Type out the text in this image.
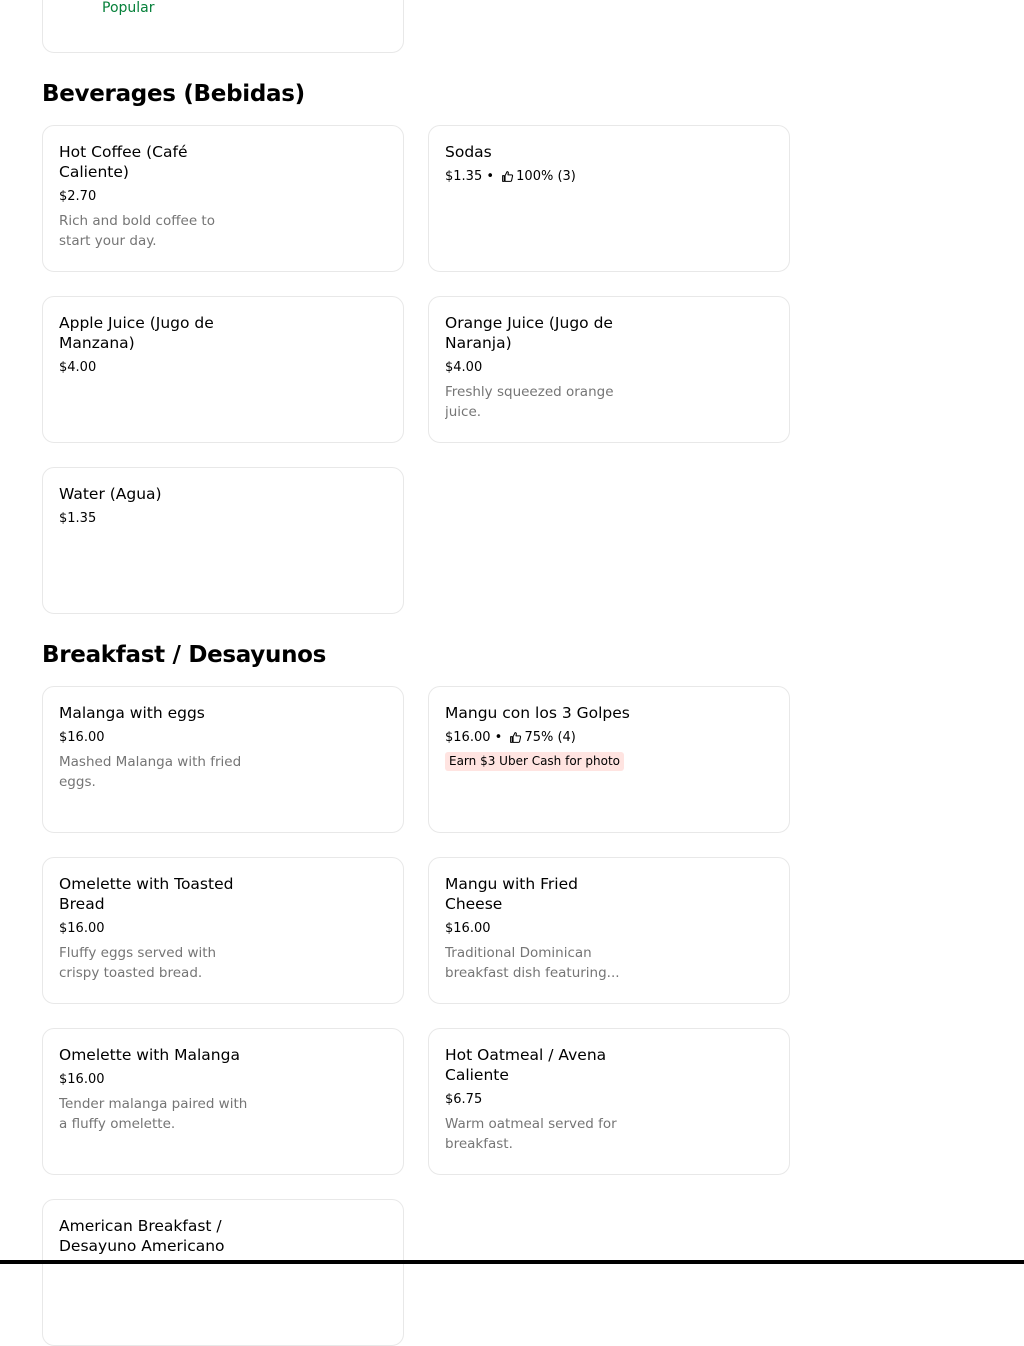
Popular
Beverages (Bebidas)
Hot Coffee (Café Caliente)
$2.70
Rich and bold coffee to start your day.
Sodas
$1.35 • 100% (3)
Apple Juice (Jugo de Manzana)
$4.00
Orange Juice (Jugo de Naranja)
$4.00
Freshly squeezed orange juice.
Water (Agua)
$1.35
Breakfast / Desayunos
Malanga with eggs
$16.00
Mashed Malanga with fried eggs.
Mangu con los 3 Golpes
$16.00 • 75% (4)
Earn $3 Uber Cash for photo
Omelette with Toasted Bread
$16.00
Fluffy eggs served with crispy toasted bread.
Mangu with Fried Cheese
$16.00
Traditional Dominican breakfast dish featuring...
Omelette with Malanga
$16.00
Tender malanga paired with a fluffy omelette.
Hot Oatmeal / Avena Caliente
$6.75
Warm oatmeal served for breakfast.
American Breakfast / Desayuno Americano
